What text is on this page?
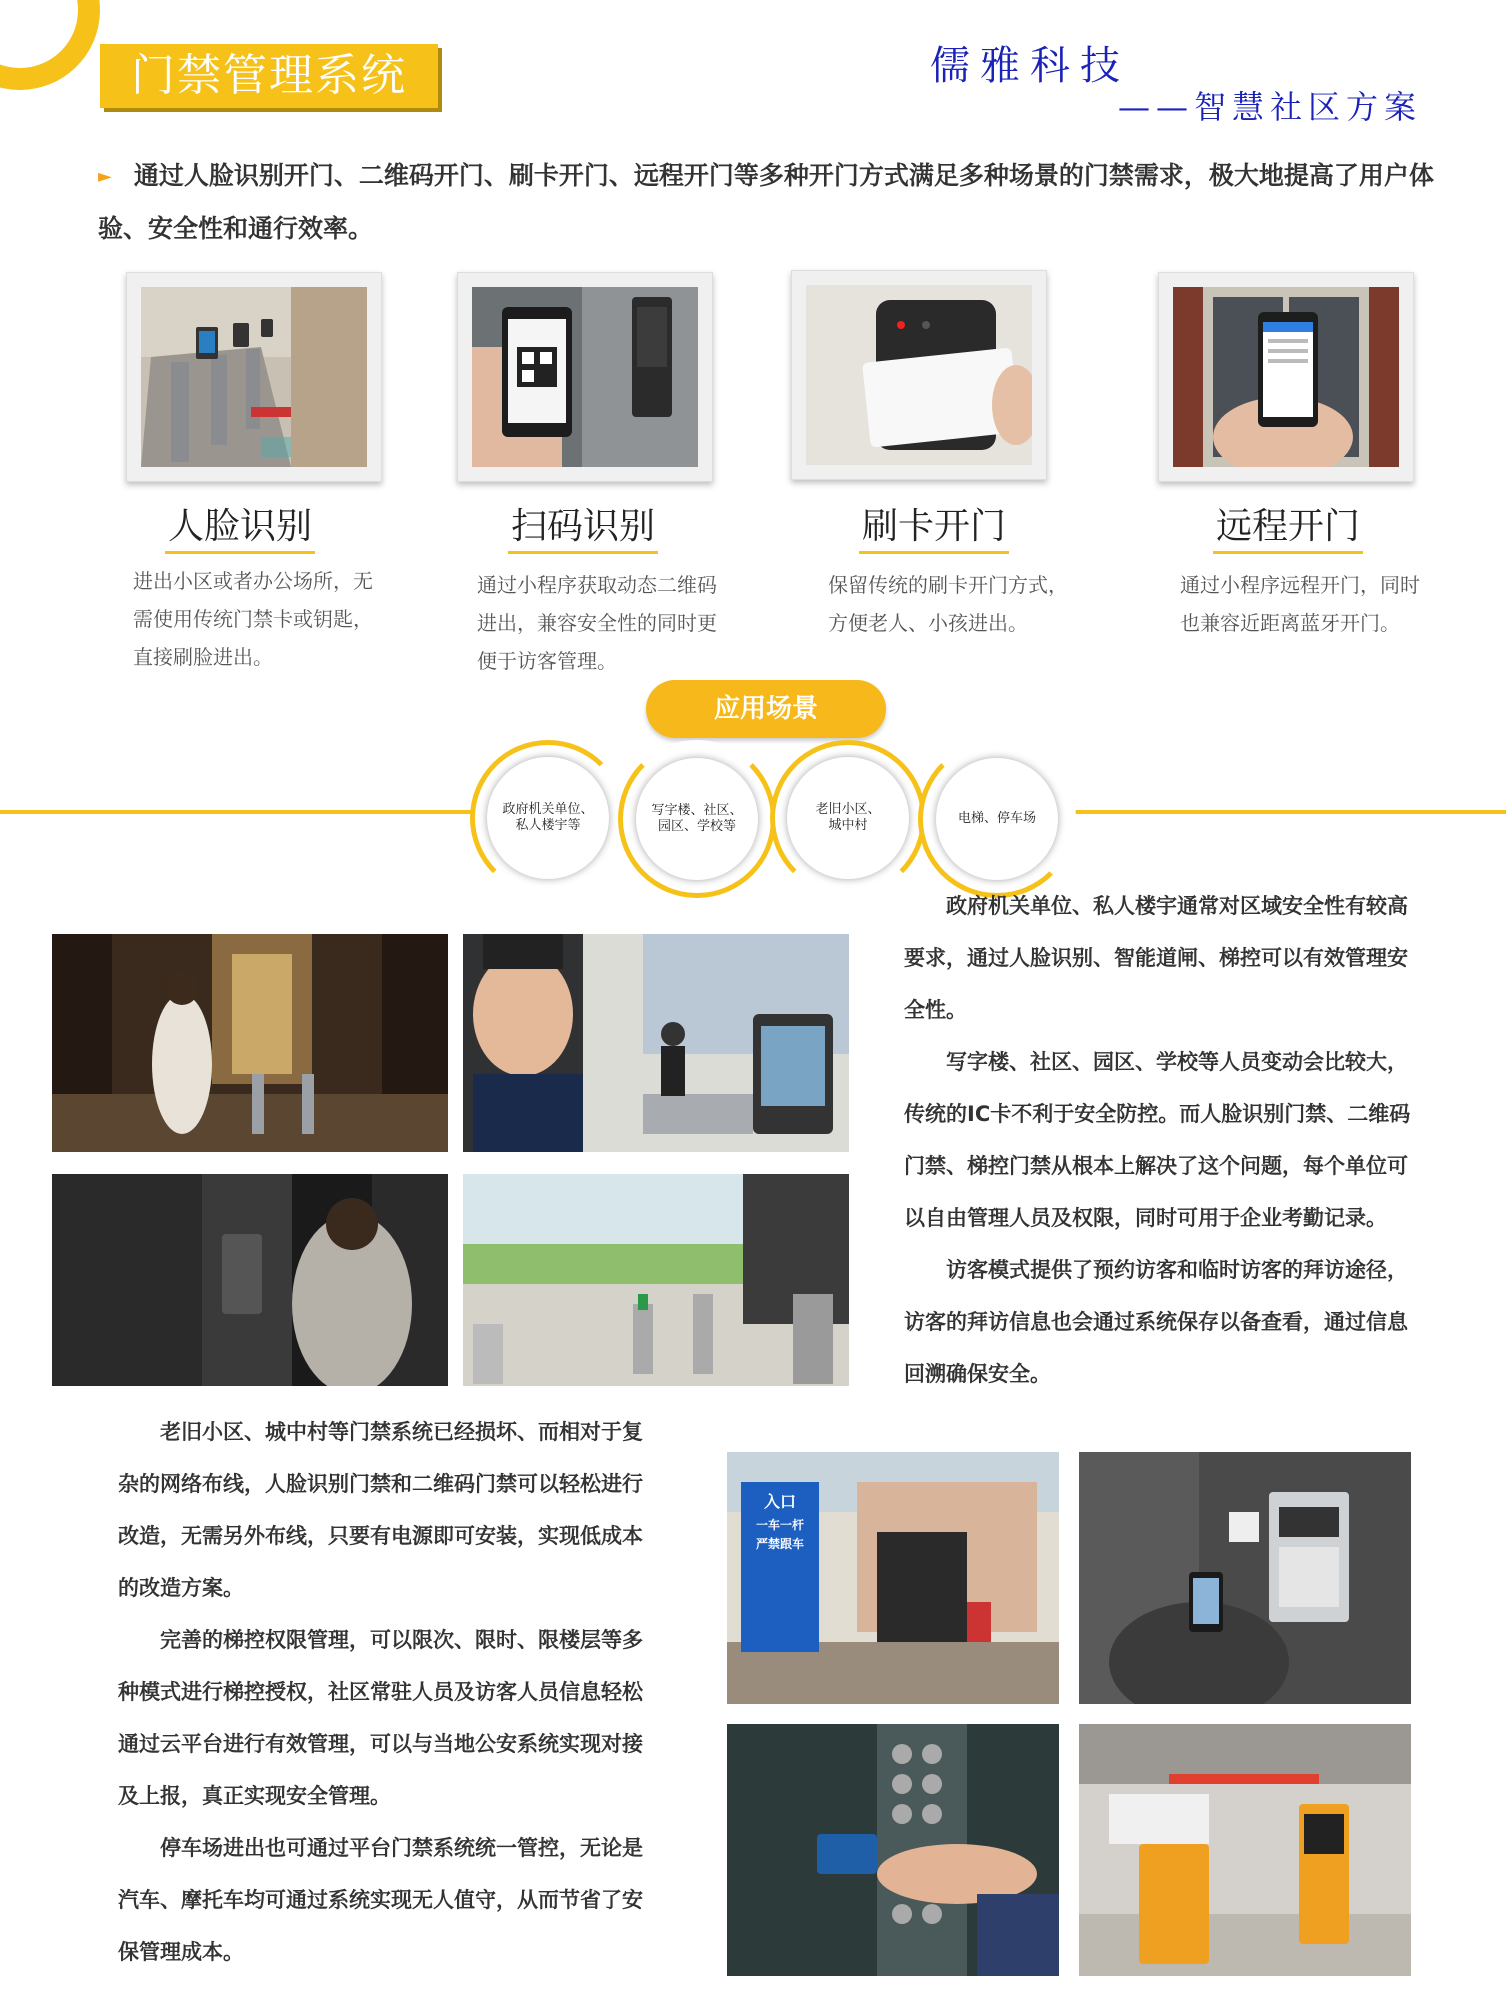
门禁管理系统	儒雅科技
——智慧社区方案
► 通过人脸识别开门、二维码开门、刷卡开门、远程开门等多种开门方式满足多种场景的门禁需求，极大地提高了用户体验、安全性和通行效率。
人脸识别
进出小区或者办公场所，无需使用传统门禁卡或钥匙，直接刷脸进出。
扫码识别
通过小程序获取动态二维码进出，兼容安全性的同时更便于访客管理。
刷卡开门
保留传统的刷卡开门方式，方便老人、小孩进出。
远程开门
通过小程序远程开门，同时也兼容近距离蓝牙开门。
应用场景
政府机关单位、
私人楼宇等
写字楼、社区、
园区、学校等
老旧小区、
城中村	电梯、停车场

政府机关单位、私人楼宇通常对区域安全性有较高要求，通过人脸识别、智能道闸、梯控可以有效管理安全性。

写字楼、社区、园区、学校等人员变动会比较大，传统的IC卡不利于安全防控。而人脸识别门禁、二维码门禁、梯控门禁从根本上解决了这个问题，每个单位可以自由管理人员及权限，同时可用于企业考勤记录。

访客模式提供了预约访客和临时访客的拜访途径，访客的拜访信息也会通过系统保存以备查看，通过信息回溯确保安全。

老旧小区、城中村等门禁系统已经损坏、而相对于复杂的网络布线，人脸识别门禁和二维码门禁可以轻松进行改造，无需另外布线，只要有电源即可安装，实现低成本的改造方案。

完善的梯控权限管理，可以限次、限时、限楼层等多种模式进行梯控授权，社区常驻人员及访客人员信息轻松通过云平台进行有效管理，可以与当地公安系统实现对接及上报，真正实现安全管理。

停车场进出也可通过平台门禁系统统一管控，无论是汽车、摩托车均可通过系统实现无人值守，从而节省了安保管理成本。

入口
一车一杆
严禁跟车
